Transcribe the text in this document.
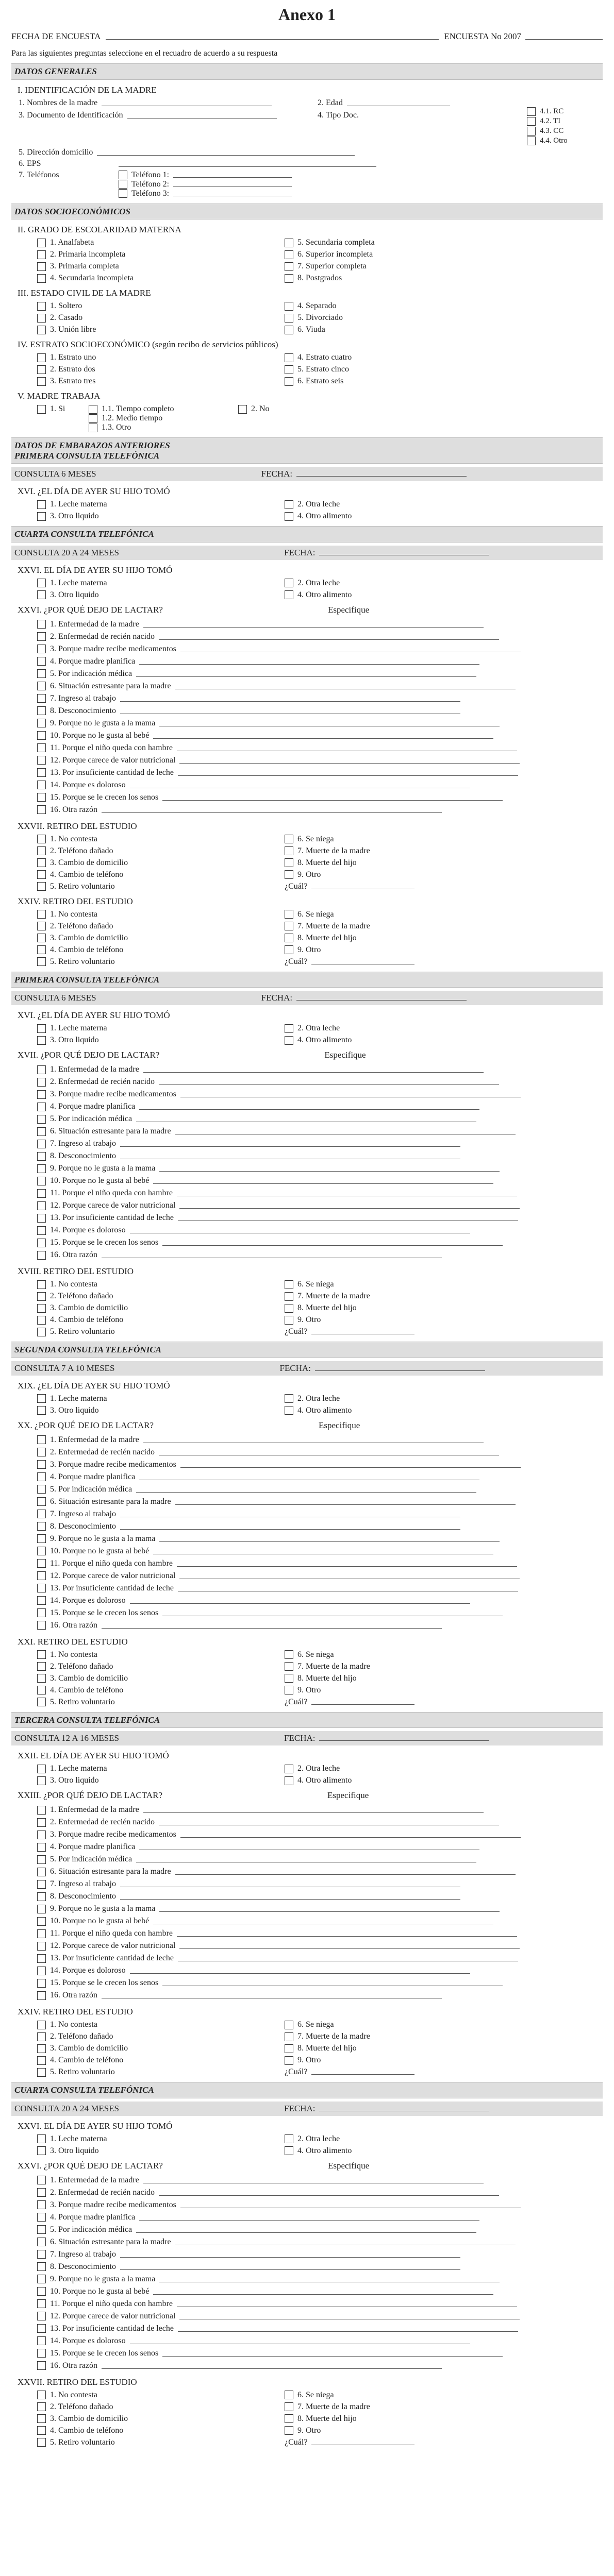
Anexo 1
FECHA DE ENCUESTA	ENCUESTA No 2007
Para las siguientes preguntas seleccione en el recuadro de acuerdo a su respuesta
DATOS GENERALES
I. IDENTIFICACIÓN DE LA MADRE
1. Nombres de la madre	2. Edad
3. Documento de Identificación	4. Tipo Doc.	4.1. RC
4.2. TI
4.3. CC
4.4. Otro
5. Dirección domicilio
6. EPS
7. Teléfonos	Teléfono 1:
Teléfono 2:
Teléfono 3:
DATOS SOCIOECONÓMICOS
II. GRADO DE ESCOLARIDAD MATERNA
1. Analfabeta	5. Secundaria completa
2. Primaria incompleta	6. Superior incompleta
3. Primaria completa	7. Superior completa
4. Secundaria incompleta	8. Postgrados
III. ESTADO CIVIL DE LA MADRE
1. Soltero	4. Separado
2. Casado	5. Divorciado
3. Unión libre	6. Viuda
IV. ESTRATO SOCIOECONÓMICO (según recibo de servicios públicos)
1. Estrato uno	4. Estrato cuatro
2. Estrato dos	5. Estrato cinco
3. Estrato tres	6. Estrato seis
V. MADRE TRABAJA
1. Si	1.1. Tiempo completo
1.2. Medio tiempo
1.3. Otro
2. No
DATOS DE EMBARAZOS ANTERIORES
PRIMERA CONSULTA TELEFÓNICA
CONSULTA 6 MESES	FECHA:
XVI. ¿EL DÍA DE AYER SU HIJO TOMÓ
1. Leche materna	2. Otra leche
3. Otro liquido	4. Otro alimento
CUARTA CONSULTA TELEFÓNICA
CONSULTA 20 A 24 MESES	FECHA:
XXVI. EL DÍA DE AYER SU HIJO TOMÓ
1. Leche materna	2. Otra leche
3. Otro liquido	4. Otro alimento
XXVI. ¿POR QUÉ DEJO DE LACTAR?	Especifique
1. Enfermedad de la madre
2. Enfermedad de recién nacido
3. Porque madre recibe medicamentos
4. Porque madre planifica
5. Por indicación médica
6. Situación estresante para la madre
7. Ingreso al trabajo
8. Desconocimiento
9. Porque no le gusta a la mama
10. Porque no le gusta al bebé
11. Porque el niño queda con hambre
12. Porque carece de valor nutricional
13. Por insuficiente cantidad de leche
14. Porque es doloroso
15. Porque se le crecen los senos
16. Otra razón
XXVII. RETIRO DEL ESTUDIO
1. No contesta	6. Se niega
2. Teléfono dañado	7. Muerte de la madre
3. Cambio de domicilio	8. Muerte del hijo
4. Cambio de teléfono	9. Otro
5. Retiro voluntario	¿Cuál?
XXIV. RETIRO DEL ESTUDIO
1. No contesta	6. Se niega
2. Teléfono dañado	7. Muerte de la madre
3. Cambio de domicilio	8. Muerte del hijo
4. Cambio de teléfono	9. Otro
5. Retiro voluntario	¿Cuál?
PRIMERA CONSULTA TELEFÓNICA
CONSULTA 6 MESES	FECHA:
XVI. ¿EL DÍA DE AYER SU HIJO TOMÓ
1. Leche materna	2. Otra leche
3. Otro liquido	4. Otro alimento
XVII. ¿POR QUÉ DEJO DE LACTAR?	Especifique
1. Enfermedad de la madre
2. Enfermedad de recién nacido
3. Porque madre recibe medicamentos
4. Porque madre planifica
5. Por indicación médica
6. Situación estresante para la madre
7. Ingreso al trabajo
8. Desconocimiento
9. Porque no le gusta a la mama
10. Porque no le gusta al bebé
11. Porque el niño queda con hambre
12. Porque carece de valor nutricional
13. Por insuficiente cantidad de leche
14. Porque es doloroso
15. Porque se le crecen los senos
16. Otra razón
XVIII. RETIRO DEL ESTUDIO
1. No contesta	6. Se niega
2. Teléfono dañado	7. Muerte de la madre
3. Cambio de domicilio	8. Muerte del hijo
4. Cambio de teléfono	9. Otro
5. Retiro voluntario	¿Cuál?
SEGUNDA CONSULTA TELEFÓNICA
CONSULTA 7 A 10 MESES	FECHA:
XIX. ¿EL DÍA DE AYER SU HIJO TOMÓ
1. Leche materna	2. Otra leche
3. Otro liquido	4. Otro alimento
XX. ¿POR QUÉ DEJO DE LACTAR?	Especifique
1. Enfermedad de la madre
2. Enfermedad de recién nacido
3. Porque madre recibe medicamentos
4. Porque madre planifica
5. Por indicación médica
6. Situación estresante para la madre
7. Ingreso al trabajo
8. Desconocimiento
9. Porque no le gusta a la mama
10. Porque no le gusta al bebé
11. Porque el niño queda con hambre
12. Porque carece de valor nutricional
13. Por insuficiente cantidad de leche
14. Porque es doloroso
15. Porque se le crecen los senos
16. Otra razón
XXI. RETIRO DEL ESTUDIO
1. No contesta	6. Se niega
2. Teléfono dañado	7. Muerte de la madre
3. Cambio de domicilio	8. Muerte del hijo
4. Cambio de teléfono	9. Otro
5. Retiro voluntario	¿Cuál?
TERCERA CONSULTA TELEFÓNICA
CONSULTA 12 A 16 MESES	FECHA:
XXII. EL DÍA DE AYER SU HIJO TOMÓ
1. Leche materna	2. Otra leche
3. Otro liquido	4. Otro alimento
XXIII. ¿POR QUÉ DEJO DE LACTAR?	Especifique
1. Enfermedad de la madre
2. Enfermedad de recién nacido
3. Porque madre recibe medicamentos
4. Porque madre planifica
5. Por indicación médica
6. Situación estresante para la madre
7. Ingreso al trabajo
8. Desconocimiento
9. Porque no le gusta a la mama
10. Porque no le gusta al bebé
11. Porque el niño queda con hambre
12. Porque carece de valor nutricional
13. Por insuficiente cantidad de leche
14. Porque es doloroso
15. Porque se le crecen los senos
16. Otra razón
XXIV. RETIRO DEL ESTUDIO
1. No contesta	6. Se niega
2. Teléfono dañado	7. Muerte de la madre
3. Cambio de domicilio	8. Muerte del hijo
4. Cambio de teléfono	9. Otro
5. Retiro voluntario	¿Cuál?
CUARTA CONSULTA TELEFÓNICA
CONSULTA 20 A 24 MESES	FECHA:
XXVI. EL DÍA DE AYER SU HIJO TOMÓ
1. Leche materna	2. Otra leche
3. Otro liquido	4. Otro alimento
XXVI. ¿POR QUÉ DEJO DE LACTAR?	Especifique
1. Enfermedad de la madre
2. Enfermedad de recién nacido
3. Porque madre recibe medicamentos
4. Porque madre planifica
5. Por indicación médica
6. Situación estresante para la madre
7. Ingreso al trabajo
8. Desconocimiento
9. Porque no le gusta a la mama
10. Porque no le gusta al bebé
11. Porque el niño queda con hambre
12. Porque carece de valor nutricional
13. Por insuficiente cantidad de leche
14. Porque es doloroso
15. Porque se le crecen los senos
16. Otra razón
XXVII. RETIRO DEL ESTUDIO
1. No contesta	6. Se niega
2. Teléfono dañado	7. Muerte de la madre
3. Cambio de domicilio	8. Muerte del hijo
4. Cambio de teléfono	9. Otro
5. Retiro voluntario	¿Cuál?
